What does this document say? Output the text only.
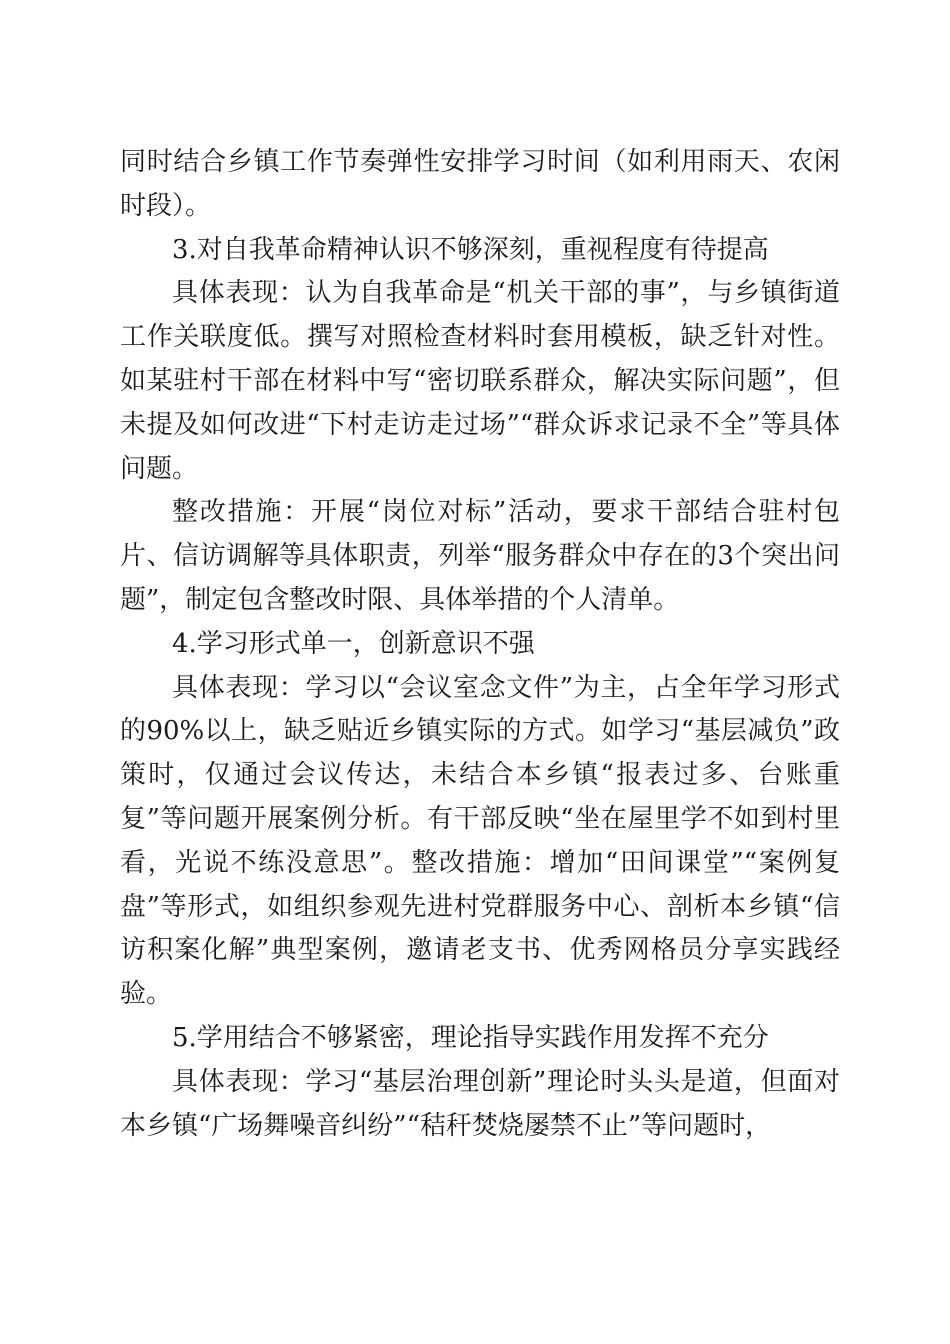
同时结合乡镇工作节奏弹性安排学习时间（如利用雨天、农闲时段）。

3.对自我革命精神认识不够深刻，重视程度有待提高

具体表现：认为自我革命是“机关干部的事”，与乡镇街道工作关联度低。撰写对照检查材料时套用模板，缺乏针对性。如某驻村干部在材料中写“密切联系群众，解决实际问题”，但未提及如何改进“下村走访走过场”“群众诉求记录不全”等具体问题。

整改措施：开展“岗位对标”活动，要求干部结合驻村包片、信访调解等具体职责，列举“服务群众中存在的3个突出问题”，制定包含整改时限、具体举措的个人清单。

4.学习形式单一，创新意识不强

具体表现：学习以“会议室念文件”为主，占全年学习形式的90%以上，缺乏贴近乡镇实际的方式。如学习“基层减负”政策时，仅通过会议传达，未结合本乡镇“报表过多、台账重复”等问题开展案例分析。有干部反映“坐在屋里学不如到村里看，光说不练没意思”。整改措施：增加“田间课堂”“案例复盘”等形式，如组织参观先进村党群服务中心、剖析本乡镇“信访积案化解”典型案例，邀请老支书、优秀网格员分享实践经验。

5.学用结合不够紧密，理论指导实践作用发挥不充分

具体表现：学习“基层治理创新”理论时头头是道，但面对本乡镇“广场舞噪音纠纷”“秸秆焚烧屡禁不止”等问题时，
